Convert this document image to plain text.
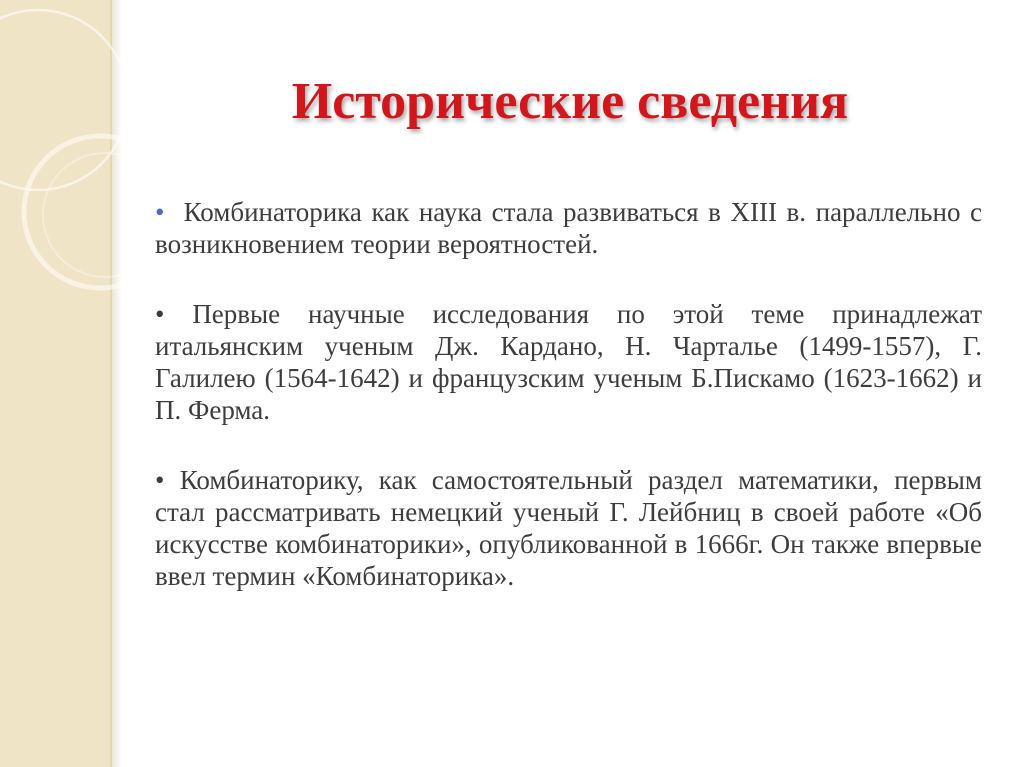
Исторические сведения

• Комбинаторика как наука стала развиваться в XIII в. параллельно с возникновением теории вероятностей.

• Первые научные исследования по этой теме принадлежат итальянским ученым Дж. Кардано, Н. Чарталье (1499-1557), Г. Галилею (1564-1642) и французским ученым Б.Пискамо (1623-1662) и П. Ферма.

• Комбинаторику, как самостоятельный раздел математики, первым стал рассматривать немецкий ученый Г. Лейбниц в своей работе «Об искусстве комбинаторики», опубликованной в 1666г. Он также впервые ввел термин «Комбинаторика».
